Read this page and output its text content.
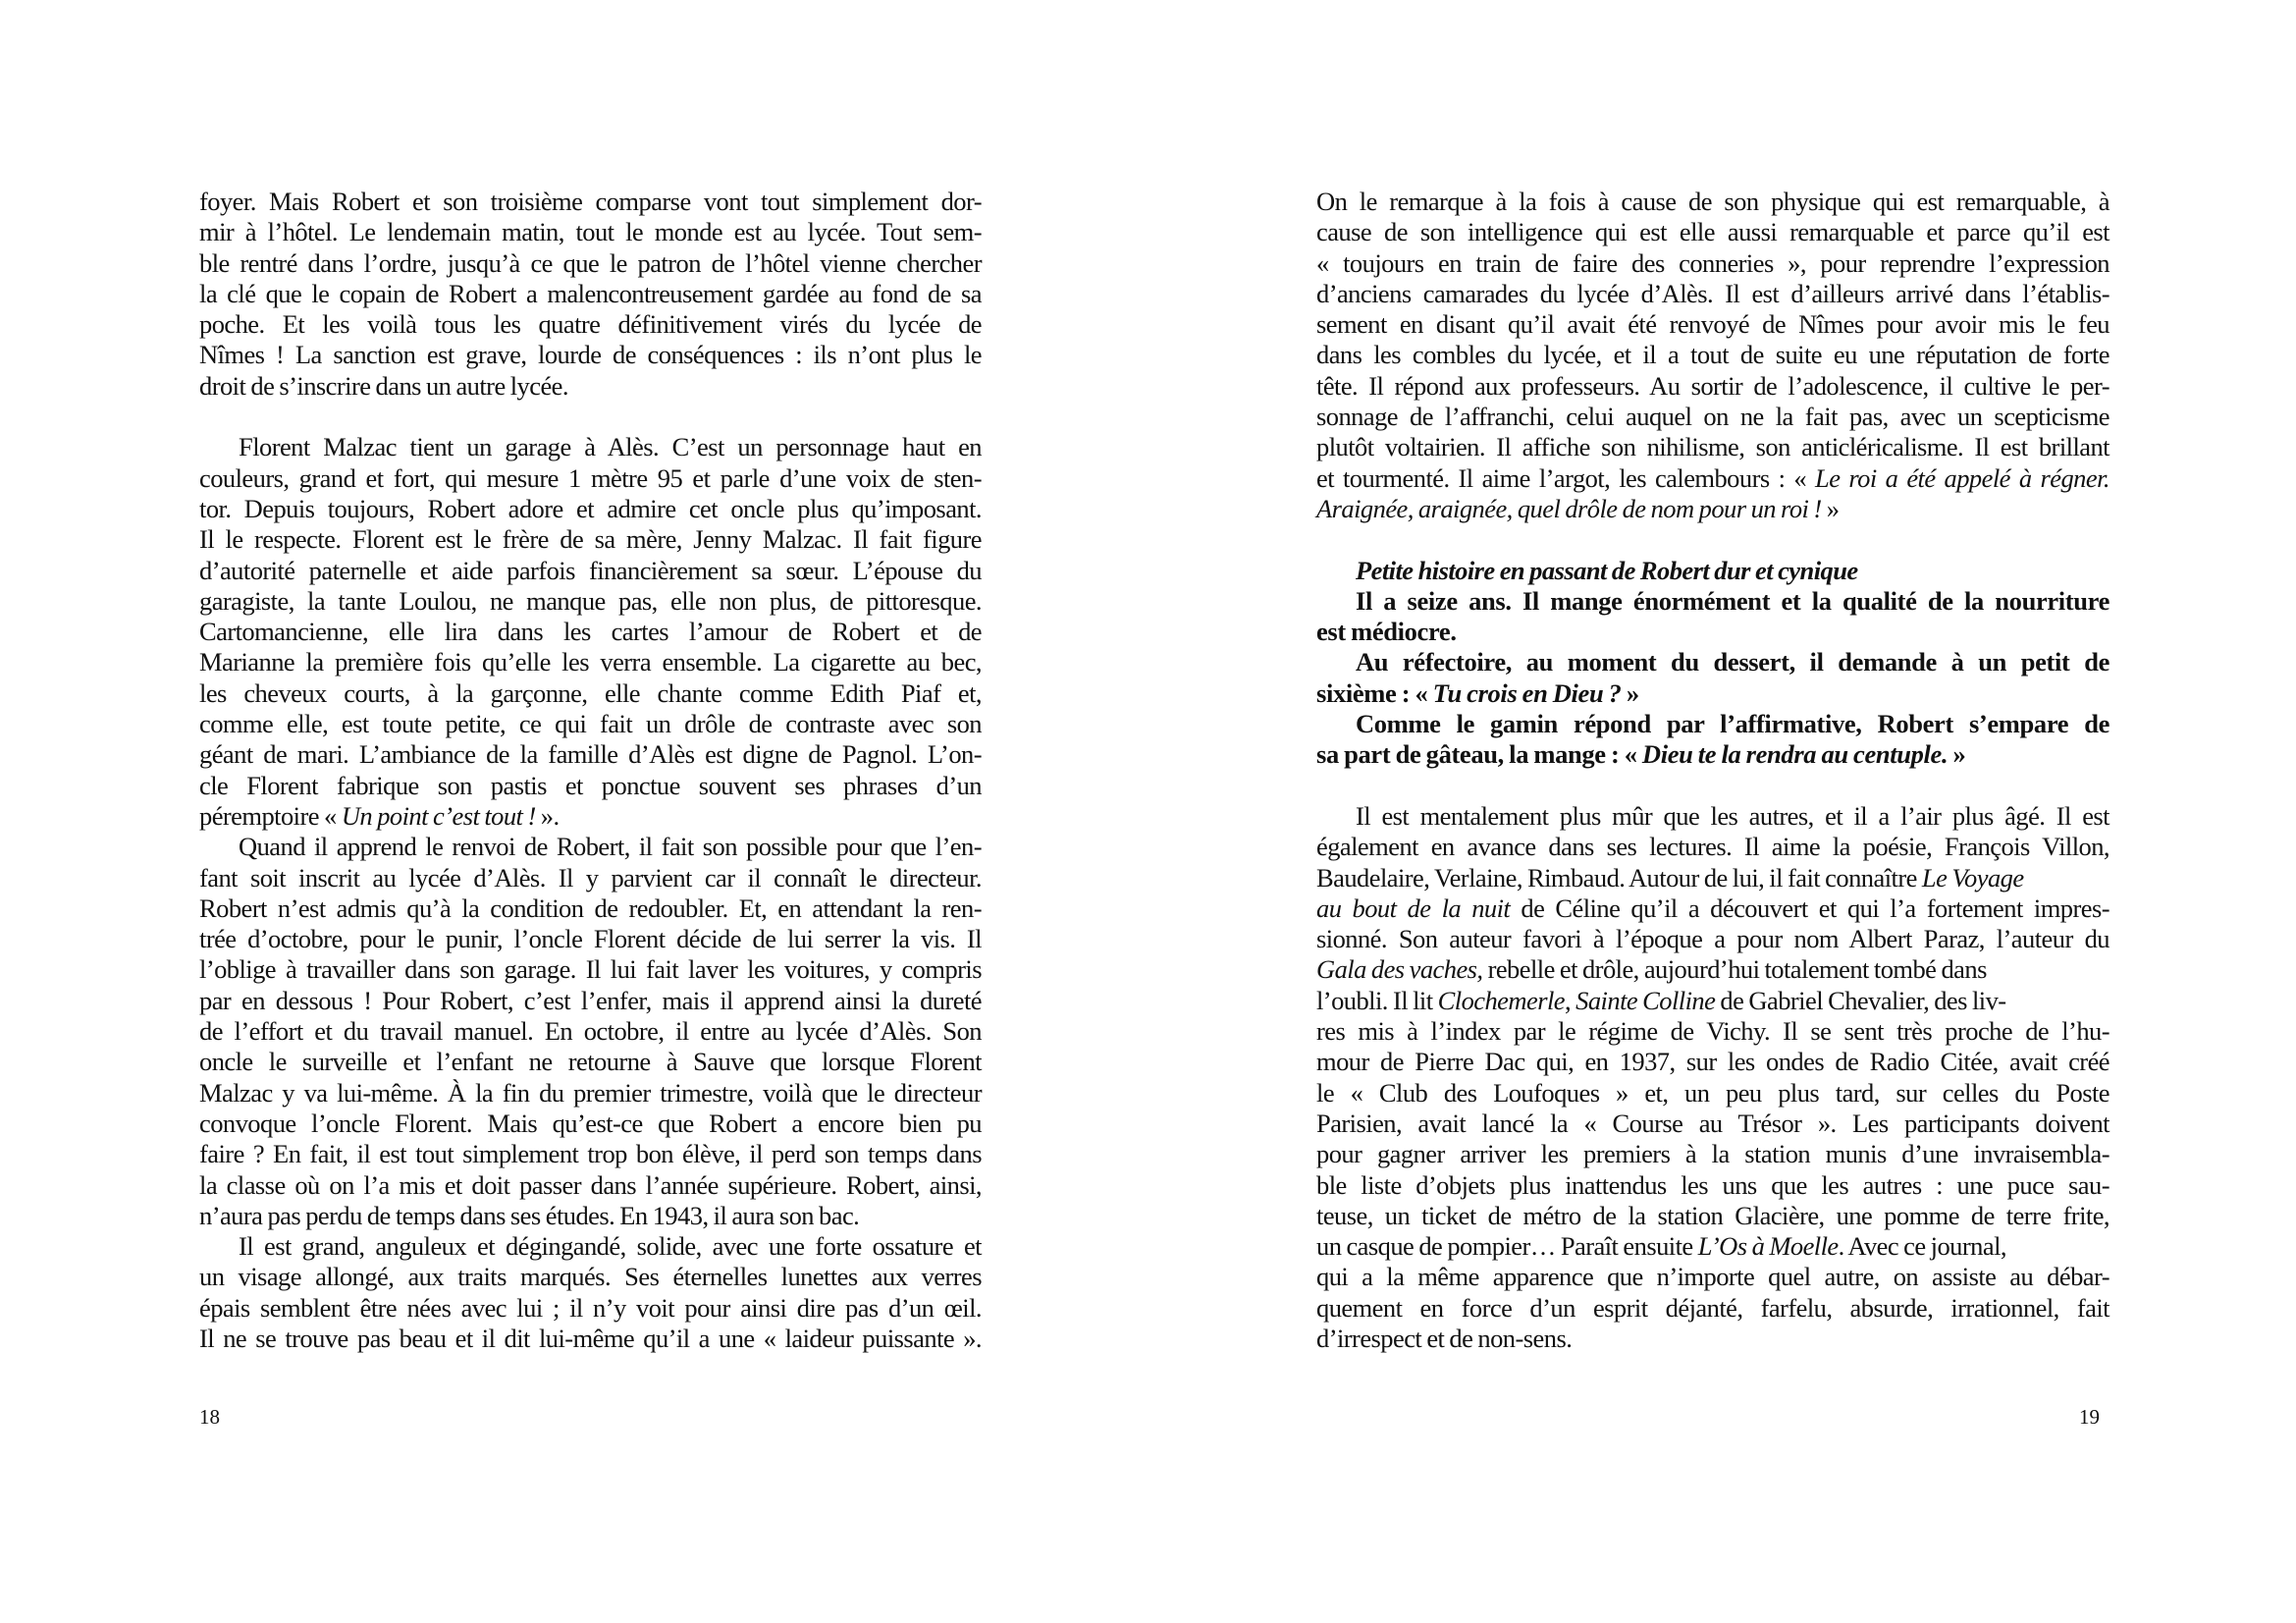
foyer. Mais Robert et son troisième comparse vont tout simplement dor-
mir à l’hôtel. Le lendemain matin, tout le monde est au lycée. Tout sem-
ble rentré dans l’ordre, jusqu’à ce que le patron de l’hôtel vienne chercher
la clé que le copain de Robert a malencontreusement gardée au fond de sa
poche. Et les voilà tous les quatre définitivement virés du lycée de
Nîmes ! La sanction est grave, lourde de conséquences : ils n’ont plus le
droit de s’inscrire dans un autre lycée.
Florent Malzac tient un garage à Alès. C’est un personnage haut en
couleurs, grand et fort, qui mesure 1 mètre 95 et parle d’une voix de sten-
tor. Depuis toujours, Robert adore et admire cet oncle plus qu’imposant.
Il le respecte. Florent est le frère de sa mère, Jenny Malzac. Il fait figure
d’autorité paternelle et aide parfois financièrement sa sœur. L’épouse du
garagiste, la tante Loulou, ne manque pas, elle non plus, de pittoresque.
Cartomancienne, elle lira dans les cartes l’amour de Robert et de
Marianne la première fois qu’elle les verra ensemble. La cigarette au bec,
les cheveux courts, à la garçonne, elle chante comme Edith Piaf et,
comme elle, est toute petite, ce qui fait un drôle de contraste avec son
géant de mari. L’ambiance de la famille d’Alès est digne de Pagnol. L’on-
cle Florent fabrique son pastis et ponctue souvent ses phrases d’un
péremptoire « Un point c’est tout ! ».
Quand il apprend le renvoi de Robert, il fait son possible pour que l’en-
fant soit inscrit au lycée d’Alès. Il y parvient car il connaît le directeur.
Robert n’est admis qu’à la condition de redoubler. Et, en attendant la ren-
trée d’octobre, pour le punir, l’oncle Florent décide de lui serrer la vis. Il
l’oblige à travailler dans son garage. Il lui fait laver les voitures, y compris
par en dessous ! Pour Robert, c’est l’enfer, mais il apprend ainsi la dureté
de l’effort et du travail manuel. En octobre, il entre au lycée d’Alès. Son
oncle le surveille et l’enfant ne retourne à Sauve que lorsque Florent
Malzac y va lui-même. À la fin du premier trimestre, voilà que le directeur
convoque l’oncle Florent. Mais qu’est-ce que Robert a encore bien pu
faire ? En fait, il est tout simplement trop bon élève, il perd son temps dans
la classe où on l’a mis et doit passer dans l’année supérieure. Robert, ainsi,
n’aura pas perdu de temps dans ses études. En 1943, il aura son bac.
Il est grand, anguleux et dégingandé, solide, avec une forte ossature et
un visage allongé, aux traits marqués. Ses éternelles lunettes aux verres
épais semblent être nées avec lui ; il n’y voit pour ainsi dire pas d’un œil.
Il ne se trouve pas beau et il dit lui-même qu’il a une « laideur puissante ».
18
On le remarque à la fois à cause de son physique qui est remarquable, à
cause de son intelligence qui est elle aussi remarquable et parce qu’il est
« toujours en train de faire des conneries », pour reprendre l’expression
d’anciens camarades du lycée d’Alès. Il est d’ailleurs arrivé dans l’établis-
sement en disant qu’il avait été renvoyé de Nîmes pour avoir mis le feu
dans les combles du lycée, et il a tout de suite eu une réputation de forte
tête. Il répond aux professeurs. Au sortir de l’adolescence, il cultive le per-
sonnage de l’affranchi, celui auquel on ne la fait pas, avec un scepticisme
plutôt voltairien. Il affiche son nihilisme, son anticléricalisme. Il est brillant
et tourmenté. Il aime l’argot, les calembours : « Le roi a été appelé à régner.
Araignée, araignée, quel drôle de nom pour un roi ! »
Petite histoire en passant de Robert dur et cynique
Il a seize ans. Il mange énormément et la qualité de la nourriture
est médiocre.
Au réfectoire, au moment du dessert, il demande à un petit de
sixième : « Tu crois en Dieu ? »
Comme le gamin répond par l’affirmative, Robert s’empare de
sa part de gâteau, la mange : « Dieu te la rendra au centuple. »
Il est mentalement plus mûr que les autres, et il a l’air plus âgé. Il est
également en avance dans ses lectures. Il aime la poésie, François Villon,
Baudelaire, Verlaine, Rimbaud. Autour de lui, il fait connaître Le Voyage
au bout de la nuit de Céline qu’il a découvert et qui l’a fortement impres-
sionné. Son auteur favori à l’époque a pour nom Albert Paraz, l’auteur du
Gala des vaches, rebelle et drôle, aujourd’hui totalement tombé dans
l’oubli. Il lit Clochemerle, Sainte Colline de Gabriel Chevalier, des liv-
res mis à l’index par le régime de Vichy. Il se sent très proche de l’hu-
mour de Pierre Dac qui, en 1937, sur les ondes de Radio Citée, avait créé
le « Club des Loufoques » et, un peu plus tard, sur celles du Poste
Parisien, avait lancé la « Course au Trésor ». Les participants doivent
pour gagner arriver les premiers à la station munis d’une invraisembla-
ble liste d’objets plus inattendus les uns que les autres : une puce sau-
teuse, un ticket de métro de la station Glacière, une pomme de terre frite,
un casque de pompier… Paraît ensuite L’Os à Moelle. Avec ce journal,
qui a la même apparence que n’importe quel autre, on assiste au débar-
quement en force d’un esprit déjanté, farfelu, absurde, irrationnel, fait
d’irrespect et de non-sens.
19
